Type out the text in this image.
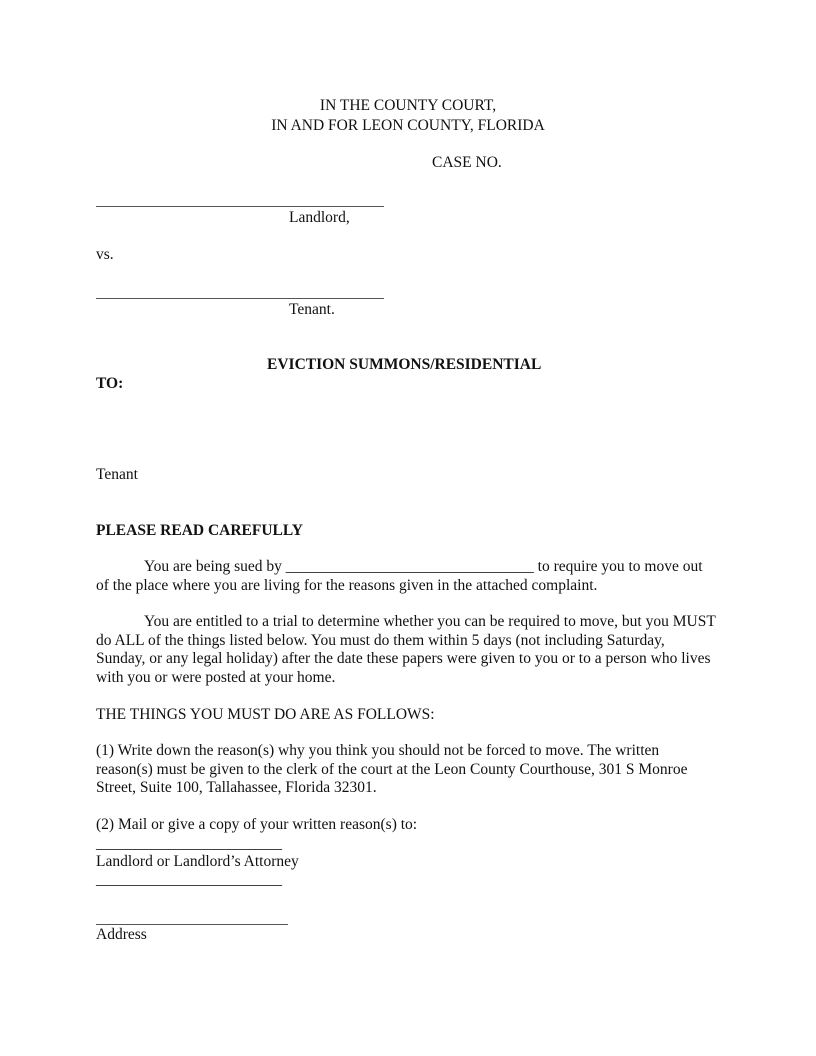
IN THE COUNTY COURT,
IN AND FOR LEON COUNTY, FLORIDA
CASE NO.
Landlord,
vs.
Tenant.
EVICTION SUMMONS/RESIDENTIAL
TO:
Tenant
PLEASE READ CAREFULLY
You are being sued by ________________________________ to require you to move out of the place where you are living for the reasons given in the attached complaint.
You are entitled to a trial to determine whether you can be required to move, but you MUST do ALL of the things listed below. You must do them within 5 days (not including Saturday, Sunday, or any legal holiday) after the date these papers were given to you or to a person who lives with you or were posted at your home.
THE THINGS YOU MUST DO ARE AS FOLLOWS:
(1) Write down the reason(s) why you think you should not be forced to move. The written reason(s) must be given to the clerk of the court at the Leon County Courthouse, 301 S Monroe Street, Suite 100, Tallahassee, Florida 32301.
(2) Mail or give a copy of your written reason(s) to:
________________________
Landlord or Landlord’s Attorney
________________________
Address
